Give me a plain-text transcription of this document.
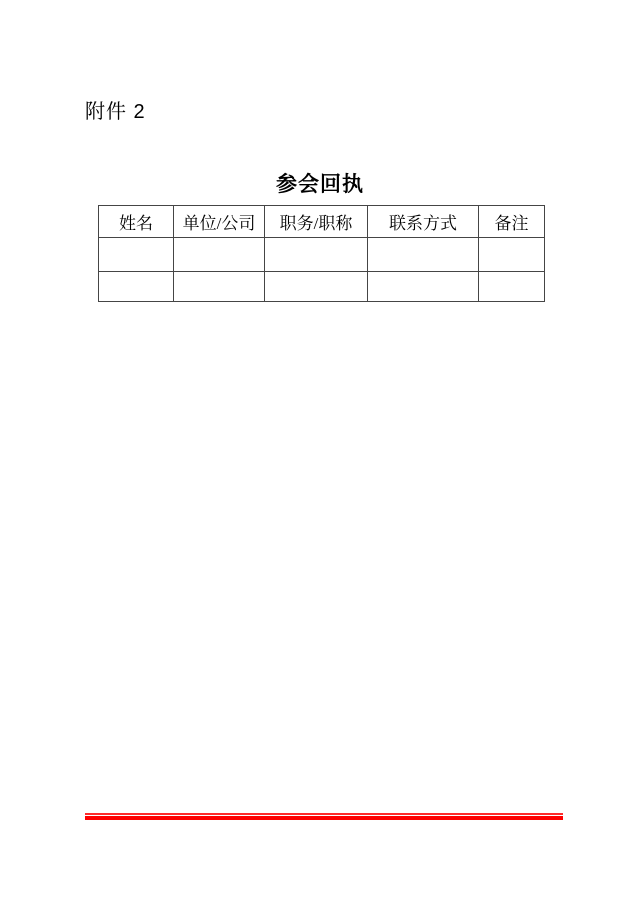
附件 2
参会回执
姓名	单位/公司	职务/职称	联系方式	备注
